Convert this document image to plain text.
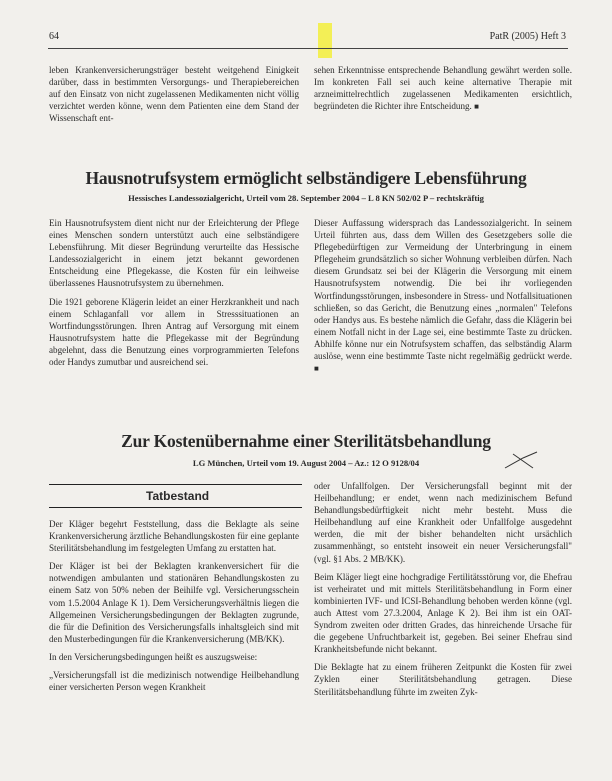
64	PatR (2005) Heft 3

leben Krankenversicherungsträger besteht weitgehend Einigkeit darüber, dass in bestimmten Versorgungs- und Therapiebereichen auf den Einsatz von nicht zugelassenen Medikamenten nicht völlig verzichtet werden könne, wenn dem Patienten eine dem Stand der Wissenschaft ent-

sehen Erkenntnisse entsprechende Behandlung gewährt werden solle. Im konkreten Fall sei auch keine alternative Therapie mit arzneimittelrechtlich zugelassenen Medikamenten ersichtlich, begründeten die Richter ihre Entscheidung. ■

Hausnotrufsystem ermöglicht selbständigere Lebensführung
Hessisches Landessozialgericht, Urteil vom 28. September 2004 – L 8 KN 502/02 P – rechtskräftig

Ein Hausnotrufsystem dient nicht nur der Erleichterung der Pflege eines Menschen sondern unterstützt auch eine selbständigere Lebensführung. Mit dieser Begründung verurteilte das Hessische Landessozialgericht in einem jetzt bekannt gewordenen Entscheidung eine Pflegekasse, die Kosten für ein leihweise überlassenes Hausnotrufsystem zu übernehmen.

Die 1921 geborene Klägerin leidet an einer Herzkrankheit und nach einem Schlaganfall vor allem in Stresssituationen an Wortfindungsstörungen. Ihren Antrag auf Versorgung mit einem Hausnotrufsystem hatte die Pflegekasse mit der Begründung abgelehnt, dass die Benutzung eines vorprogrammierten Telefons oder Handys zumutbar und ausreichend sei.

Dieser Auffassung widersprach das Landessozialgericht. In seinem Urteil führten aus, dass dem Willen des Gesetzgebers solle die Pflegebedürftigen zur Vermeidung der Unterbringung in einem Pflegeheim grundsätzlich so sicher Wohnung verbleiben dürfen. Nach diesem Grundsatz sei bei der Klägerin die Versorgung mit einem Hausnotrufsystem notwendig. Die bei ihr vorliegenden Wortfindungsstörungen, insbesondere in Stress- und Notfallsituationen schließen, so das Gericht, die Benutzung eines „normalen" Telefons oder Handys aus. Es bestehe nämlich die Gefahr, dass die Klägerin bei einem Notfall nicht in der Lage sei, eine bestimmte Taste zu drücken. Abhilfe könne nur ein Notrufsystem schaffen, das selbständig Alarm auslöse, wenn eine bestimmte Taste nicht regelmäßig gedrückt werde. ■

Zur Kostenübernahme einer Sterilitätsbehandlung
LG München, Urteil vom 19. August 2004 – Az.: 12 O 9128/04
Tatbestand

Der Kläger begehrt Feststellung, dass die Beklagte als seine Krankenversicherung ärztliche Behandlungskosten für eine geplante Sterilitätsbehandlung im festgelegten Umfang zu erstatten hat.

Der Kläger ist bei der Beklagten krankenversichert für die notwendigen ambulanten und stationären Behandlungskosten zu einem Satz von 50% neben der Beihilfe vgl. Versicherungsschein vom 1.5.2004 Anlage K 1). Dem Versicherungsverhältnis liegen die Allgemeinen Versicherungsbedingungen der Beklagten zugrunde, die für die Definition des Versicherungsfalls inhaltsgleich sind mit den Musterbedingungen für die Krankenversicherung (MB/KK).

In den Versicherungsbedingungen heißt es auszugsweise:

„Versicherungsfall ist die medizinisch notwendige Heilbehandlung einer versicherten Person wegen Krankheit

oder Unfallfolgen. Der Versicherungsfall beginnt mit der Heilbehandlung; er endet, wenn nach medizinischem Befund Behandlungsbedürftigkeit nicht mehr besteht. Muss die Heilbehandlung auf eine Krankheit oder Unfallfolge ausgedehnt werden, die mit der bisher behandelten nicht ursächlich zusammenhängt, so entsteht insoweit ein neuer Versicherungsfall" (vgl. §1 Abs. 2 MB/KK).

Beim Kläger liegt eine hochgradige Fertilitätsstörung vor, die Ehefrau ist verheiratet und mit mittels Sterilitätsbehandlung in Form einer kombinierten IVF- und ICSI-Behandlung behoben werden könne (vgl. auch Attest vom 27.3.2004, Anlage K 2). Bei ihm ist ein OAT-Syndrom zweiten oder dritten Grades, das hinreichende Ursache für die gegebene Unfruchtbarkeit ist, gegeben. Bei seiner Ehefrau sind Krankheitsbefunde nicht bekannt.

Die Beklagte hat zu einem früheren Zeitpunkt die Kosten für zwei Zyklen einer Sterilitätsbehandlung getragen. Diese Sterilitätsbehandlung führte im zweiten Zyk-
